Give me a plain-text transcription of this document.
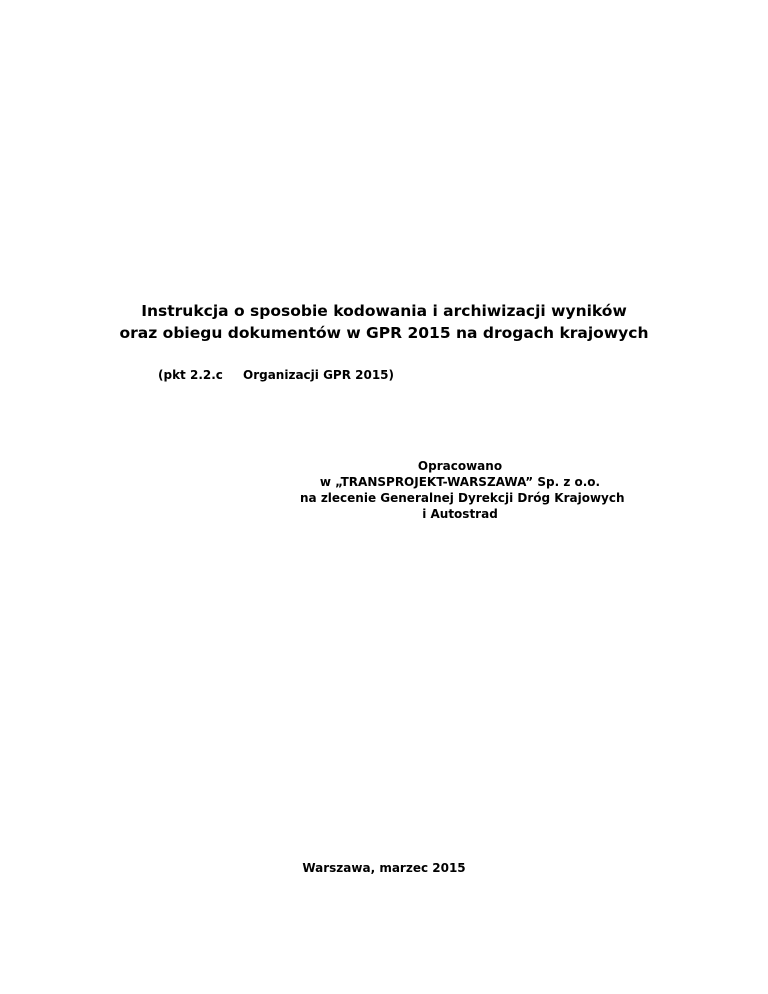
Instrukcja o sposobie kodowania i archiwizacji wyników
oraz obiegu dokumentów w GPR 2015 na drogach krajowych
(pkt 2.2.c Organizacji GPR 2015)
Opracowano
w „TRANSPROJEKT-WARSZAWA” Sp. z o.o.
na zlecenie Generalnej Dyrekcji Dróg Krajowych
i Autostrad
Warszawa, marzec 2015
